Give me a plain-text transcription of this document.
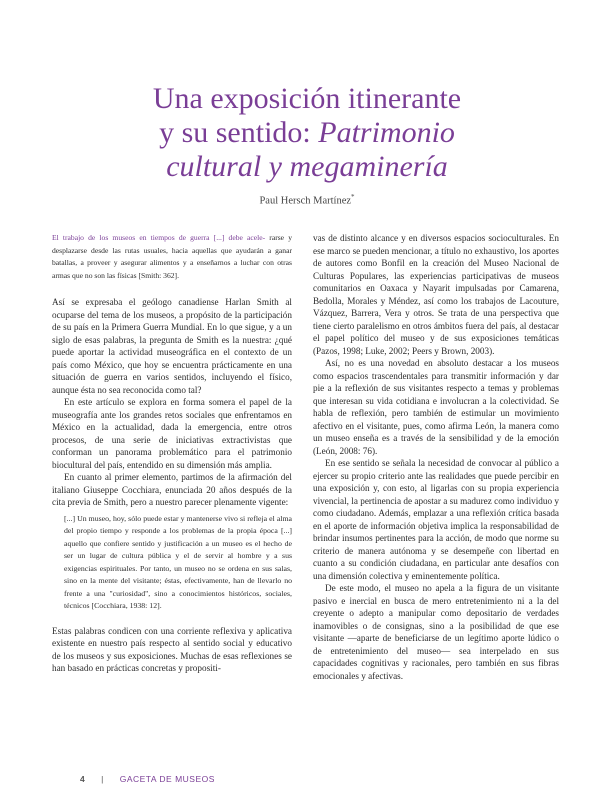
Una exposición itinerante
y su sentido: Patrimonio
cultural y megaminería
Paul Hersch Martínez*

El trabajo de los museos en tiempos de guerra [...] debe acele- rarse y desplazarse desde las rutas usuales, hacia aquellas que ayudarán a ganar batallas, a proveer y asegurar alimentos y a enseñarnos a luchar con otras armas que no son las físicas [Smith: 362].

Así se expresaba el geólogo canadiense Harlan Smith al ocuparse del tema de los museos, a propósito de la participación de su país en la Primera Guerra Mundial. En lo que sigue, y a un siglo de esas palabras, la pregunta de Smith es la nuestra: ¿qué puede aportar la actividad museográfica en el contexto de un país como México, que hoy se encuentra prácticamente en una situación de guerra en varios sentidos, incluyendo el físico, aunque ésta no sea reconocida como tal?

En este artículo se explora en forma somera el papel de la museografía ante los grandes retos sociales que enfrentamos en México en la actualidad, dada la emergencia, entre otros procesos, de una serie de iniciativas extractivistas que conforman un panorama problemático para el patrimonio biocultural del país, entendido en su dimensión más amplia.

En cuanto al primer elemento, partimos de la afirmación del italiano Giuseppe Cocchiara, enunciada 20 años después de la cita previa de Smith, pero a nuestro parecer plenamente vigente:

[...] Un museo, hoy, sólo puede estar y mantenerse vivo si refleja el alma del propio tiempo y responde a los problemas de la propia época [...] aquello que confiere sentido y justificación a un museo es el hecho de ser un lugar de cultura pública y el de servir al hombre y a sus exigencias espirituales. Por tanto, un museo no se ordena en sus salas, sino en la mente del visitante; éstas, efectivamente, han de llevarlo no frente a una "curiosidad", sino a conocimientos históricos, sociales, técnicos [Cocchiara, 1938: 12].

Estas palabras condicen con una corriente reflexiva y aplicativa existente en nuestro país respecto al sentido social y educativo de los museos y sus exposiciones. Muchas de esas reflexiones se han basado en prácticas concretas y propositi-

vas de distinto alcance y en diversos espacios socioculturales. En ese marco se pueden mencionar, a título no exhaustivo, los aportes de autores como Bonfil en la creación del Museo Nacional de Culturas Populares, las experiencias participativas de museos comunitarios en Oaxaca y Nayarit impulsadas por Camarena, Bedolla, Morales y Méndez, así como los trabajos de Lacouture, Vázquez, Barrera, Vera y otros. Se trata de una perspectiva que tiene cierto paralelismo en otros ámbitos fuera del país, al destacar el papel político del museo y de sus exposiciones temáticas (Pazos, 1998; Luke, 2002; Peers y Brown, 2003).

Así, no es una novedad en absoluto destacar a los museos como espacios trascendentales para transmitir información y dar pie a la reflexión de sus visitantes respecto a temas y problemas que interesan su vida cotidiana e involucran a la colectividad. Se habla de reflexión, pero también de estimular un movimiento afectivo en el visitante, pues, como afirma León, la manera como un museo enseña es a través de la sensibilidad y de la emoción (León, 2008: 76).

En ese sentido se señala la necesidad de convocar al público a ejercer su propio criterio ante las realidades que puede percibir en una exposición y, con esto, al ligarlas con su propia experiencia vivencial, la pertinencia de apostar a su madurez como individuo y como ciudadano. Además, emplazar a una reflexión crítica basada en el aporte de información objetiva implica la responsabilidad de brindar insumos pertinentes para la acción, de modo que norme su criterio de manera autónoma y se desempeñe con libertad en cuanto a su condición ciudadana, en particular ante desafíos con una dimensión colectiva y eminentemente política.

De este modo, el museo no apela a la figura de un visitante pasivo e inercial en busca de mero entretenimiento ni a la del creyente o adepto a manipular como depositario de verdades inamovibles o de consignas, sino a la posibilidad de que ese visitante —aparte de beneficiarse de un legítimo aporte lúdico o de entretenimiento del museo— sea interpelado en sus capacidades cognitivas y racionales, pero también en sus fibras emocionales y afectivas.

4 | GACETA DE MUSEOS
